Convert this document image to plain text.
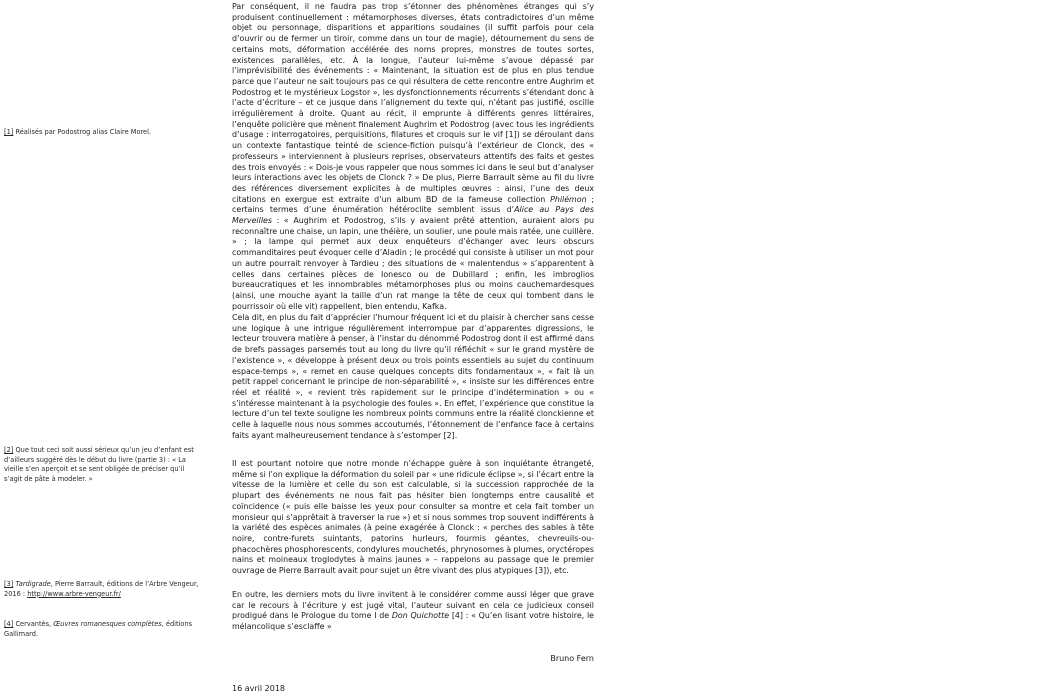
[1] Réalisés par Podostrog alias Claire Morel.
[2] Que tout ceci soit aussi sérieux qu’un jeu d’enfant est d’ailleurs suggéré dès le début du livre (partie 3) : « La vieille s’en aperçoit et se sent obligée de préciser qu’il s’agit de pâte à modeler. »
[3] Tardigrade, Pierre Barrault, éditions de l’Arbre Vengeur, 2016 : http://www.arbre-vengeur.fr/
[4] Cervantès, Œuvres romanesques complètes, éditions Gallimard.

Par conséquent, il ne faudra pas trop s’étonner des phénomènes étranges qui s’y produisent continuellement : métamorphoses diverses, états contradictoires d’un même objet ou personnage, disparitions et apparitions soudaines (il suffit parfois pour cela d’ouvrir ou de fermer un tiroir, comme dans un tour de magie), détournement du sens de certains mots, déformation accélérée des noms propres, monstres de toutes sortes, existences parallèles, etc. À la longue, l’auteur lui-même s’avoue dépassé par l’imprévisibilité des événements : « Maintenant, la situation est de plus en plus tendue parce que l’auteur ne sait toujours pas ce qui résultera de cette rencontre entre Aughrim et Podostrog et le mystérieux Logstor », les dysfonctionnements récurrents s’étendant donc à l’acte d’écriture – et ce jusque dans l’alignement du texte qui, n’étant pas justifié, oscille irrégulièrement à droite. Quant au récit, il emprunte à différents genres littéraires, l’enquête policière que mènent finalement Aughrim et Podostrog (avec tous les ingrédients d’usage : interrogatoires, perquisitions, filatures et croquis sur le vif [1]) se déroulant dans un contexte fantastique teinté de science-fiction puisqu’à l’extérieur de Clonck, des « professeurs » interviennent à plusieurs reprises, observateurs attentifs des faits et gestes des trois envoyés : « Dois-je vous rappeler que nous sommes ici dans le seul but d’analyser leurs interactions avec les objets de Clonck ? » De plus, Pierre Barrault sème au fil du livre des références diversement explicites à de multiples œuvres : ainsi, l’une des deux citations en exergue est extraite d’un album BD de la fameuse collection Philémon ; certains termes d’une énumération hétéroclite semblent issus d’Alice au Pays des Merveilles : « Aughrim et Podostrog, s’ils y avaient prêté attention, auraient alors pu reconnaître une chaise, un lapin, une théière, un soulier, une poule mais ratée, une cuillère. » ; la lampe qui permet aux deux enquêteurs d’échanger avec leurs obscurs commanditaires peut évoquer celle d’Aladin ; le procédé qui consiste à utiliser un mot pour un autre pourrait renvoyer à Tardieu ; des situations de « malentendus » s’apparentent à celles dans certaines pièces de Ionesco ou de Dubillard ; enfin, les imbroglios bureaucratiques et les innombrables métamorphoses plus ou moins cauchemardesques (ainsi, une mouche ayant la taille d’un rat mange la tête de ceux qui tombent dans le pourrissoir où elle vit) rappellent, bien entendu, Kafka.

Cela dit, en plus du fait d’apprécier l’humour fréquent ici et du plaisir à chercher sans cesse une logique à une intrigue régulièrement interrompue par d’apparentes digressions, le lecteur trouvera matière à penser, à l’instar du dénommé Podostrog dont il est affirmé dans de brefs passages parsemés tout au long du livre qu’il réfléchit « sur le grand mystère de l’existence », « développe à présent deux ou trois points essentiels au sujet du continuum espace-temps », « remet en cause quelques concepts dits fondamentaux », « fait là un petit rappel concernant le principe de non-séparabilité », « insiste sur les différences entre réel et réalité », « revient très rapidement sur le principe d’indétermination » ou « s’intéresse maintenant à la psychologie des foules ». En effet, l’expérience que constitue la lecture d’un tel texte souligne les nombreux points communs entre la réalité clonckienne et celle à laquelle nous nous sommes accoutumés, l’étonnement de l’enfance face à certains faits ayant malheureusement tendance à s’estomper [2].

Il est pourtant notoire que notre monde n’échappe guère à son inquiétante étrangeté, même si l’on explique la déformation du soleil par « une ridicule éclipse », si l’écart entre la vitesse de la lumière et celle du son est calculable, si la succession rapprochée de la plupart des événements ne nous fait pas hésiter bien longtemps entre causalité et coïncidence (« puis elle baisse les yeux pour consulter sa montre et cela fait tomber un monsieur qui s’apprêtait à traverser la rue ») et si nous sommes trop souvent indifférents à la variété des espèces animales (à peine exagérée à Clonck : « perches des sables à tête noire, contre-furets suintants, patorins hurleurs, fourmis géantes, chevreuils-ou-phacochères phosphorescents, condylures mouchetés, phrynosomes à plumes, oryctéropes nains et moineaux troglodytes à mains jaunes » – rappelons au passage que le premier ouvrage de Pierre Barrault avait pour sujet un être vivant des plus atypiques [3]), etc.

En outre, les derniers mots du livre invitent à le considérer comme aussi léger que grave car le recours à l’écriture y est jugé vital, l’auteur suivant en cela ce judicieux conseil prodigué dans le Prologue du tome I de Don Quichotte [4] : « Qu’en lisant votre histoire, le mélancolique s’esclaffe »

Bruno Fern
16 avril 2018
